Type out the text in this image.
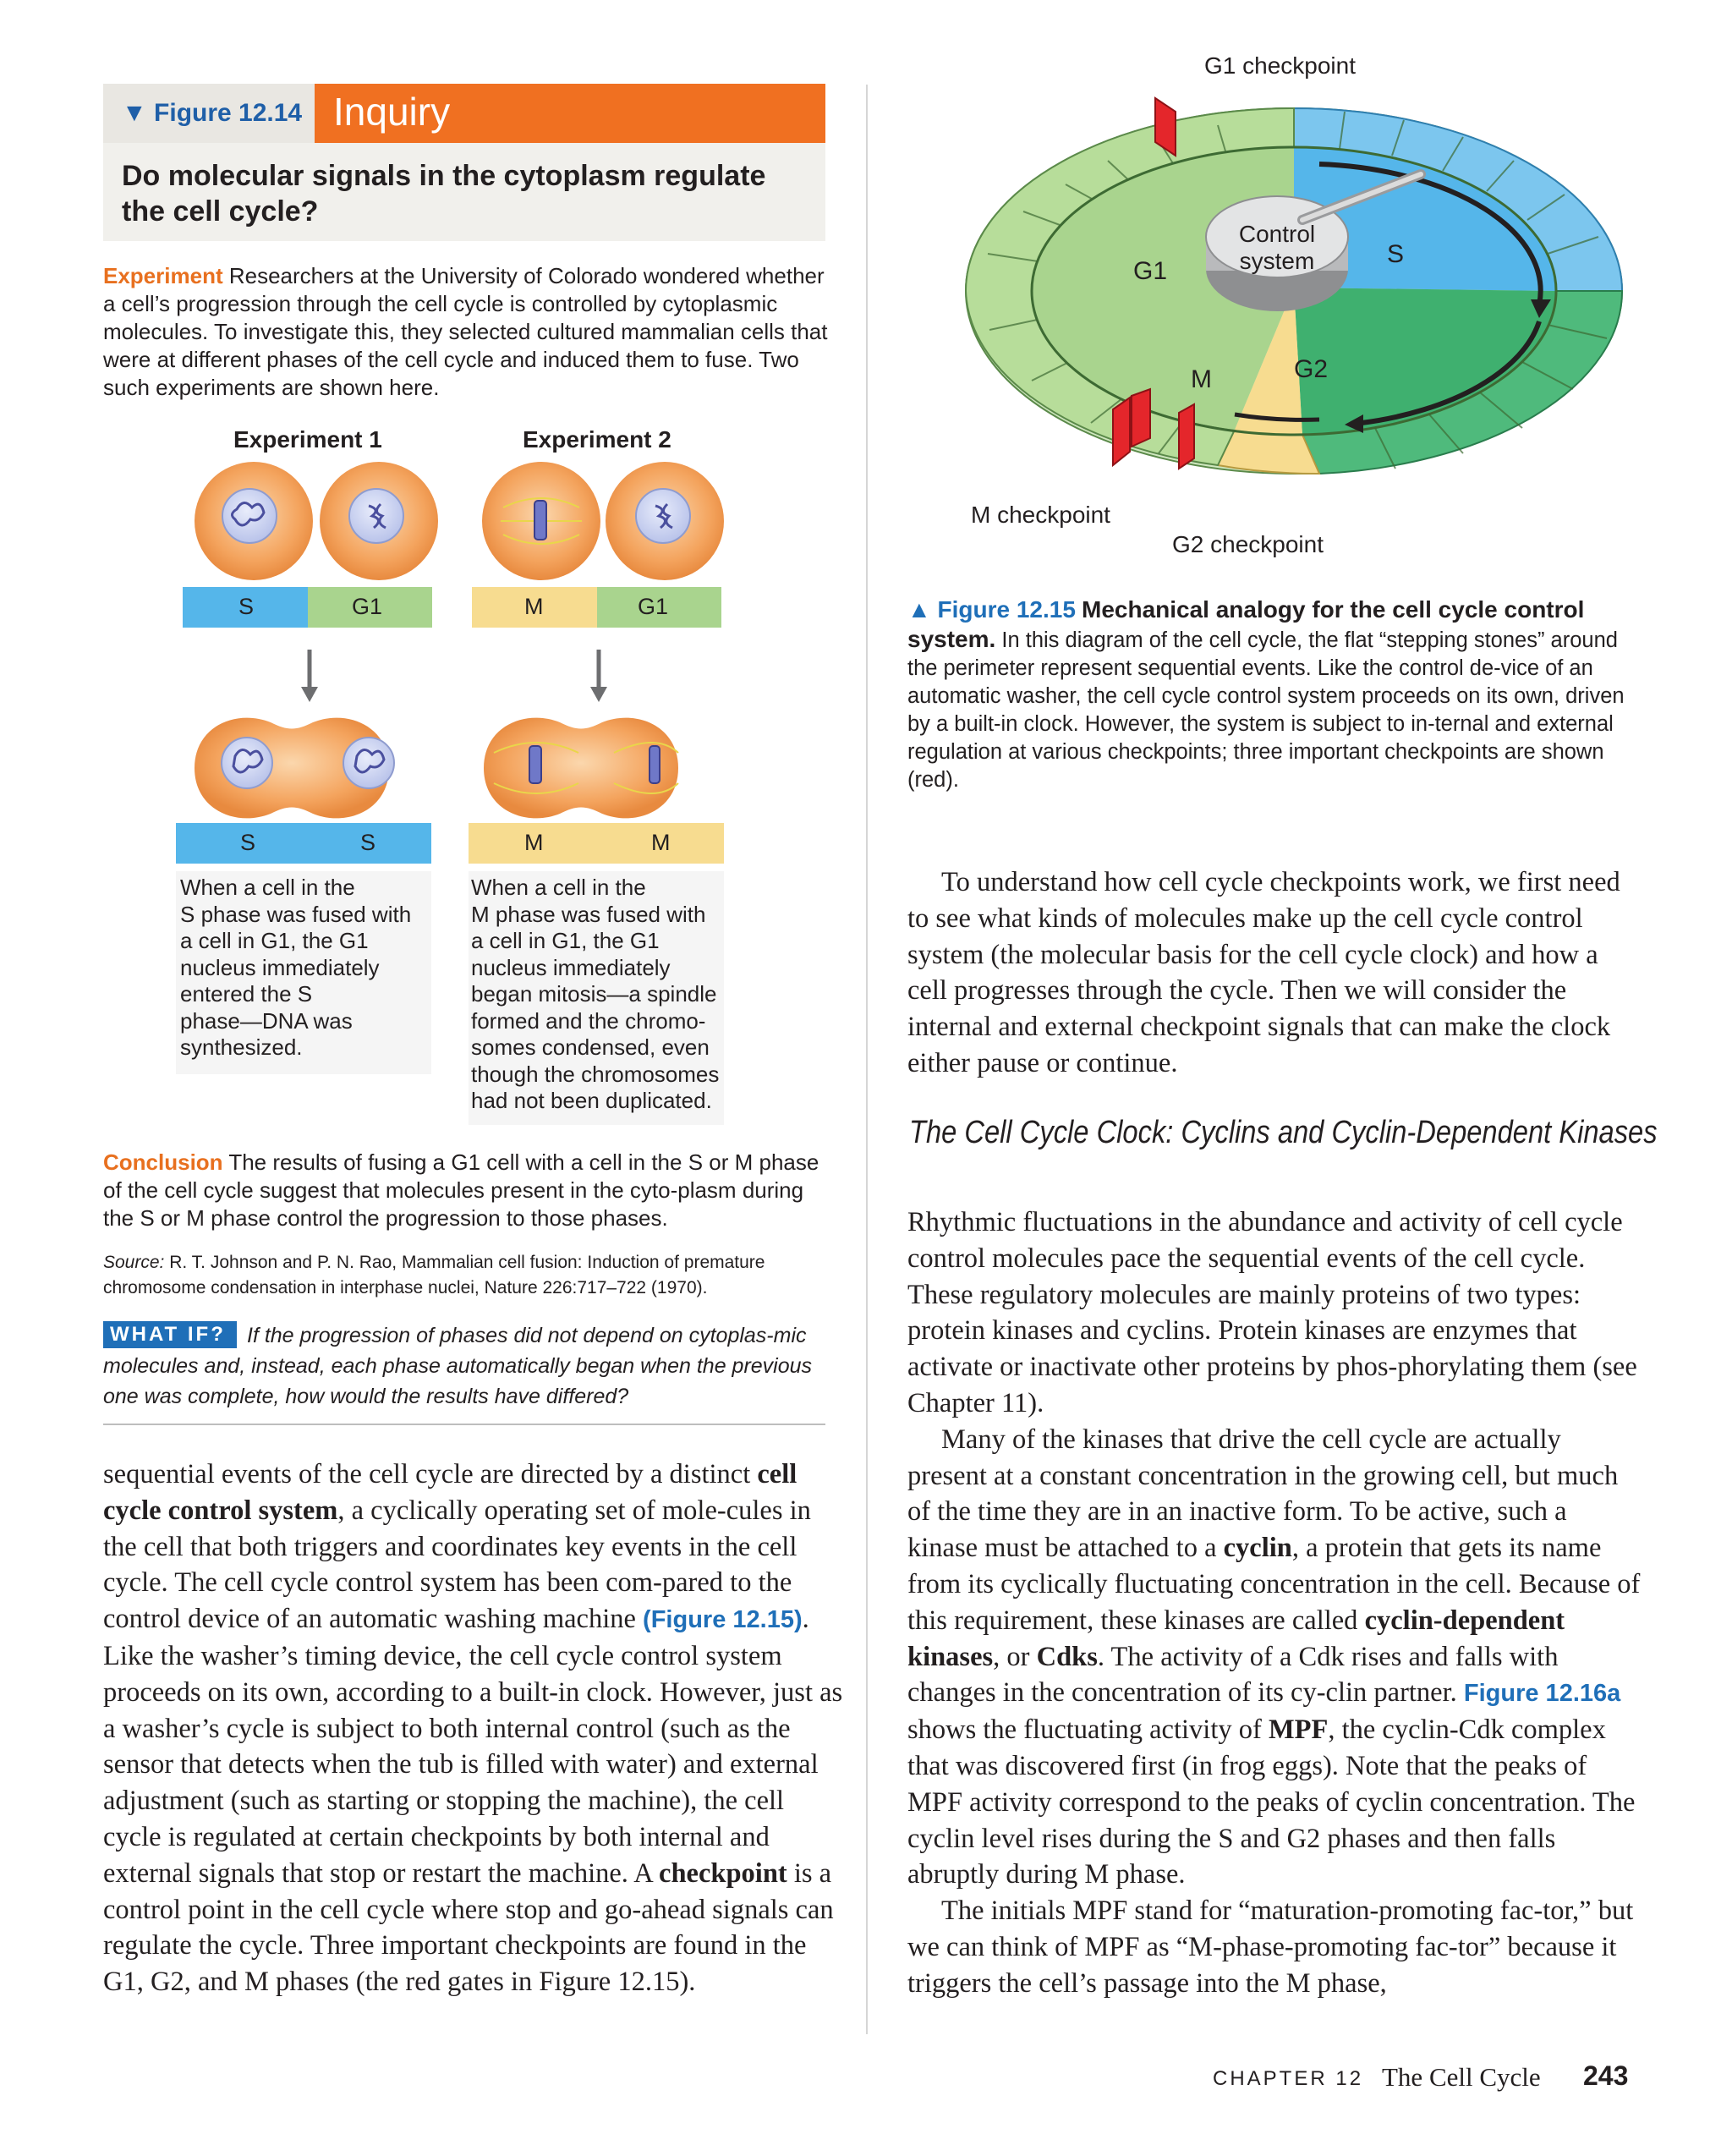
▼ Figure 12.14 Inquiry
Do molecular signals in the cytoplasm regulate the cell cycle?
Experiment Researchers at the University of Colorado wondered whether a cell’s progression through the cell cycle is controlled by cytoplasmic molecules. To investigate this, they selected cultured mammalian cells that were at different phases of the cell cycle and induced them to fuse. Two such experiments are shown here.
Experiment 1	Experiment 2
S	G1	M	G1
S	S	M	M
When a cell in the
S phase was fused with
a cell in G1, the G1
nucleus immediately
entered the S
phase—DNA was
synthesized.
When a cell in the
M phase was fused with
a cell in G1, the G1
nucleus immediately
began mitosis—a spindle
formed and the chromo-
somes condensed, even
though the chromosomes
had not been duplicated.
Conclusion The results of fusing a G1 cell with a cell in the S or M phase of the cell cycle suggest that molecules present in the cyto-plasm during the S or M phase control the progression to those phases.
Source: R. T. Johnson and P. N. Rao, Mammalian cell fusion: Induction of premature chromosome condensation in interphase nuclei, Nature 226:717–722 (1970).
If the progression of phases did not depend on cytoplas-mic molecules and, instead, each phase automatically began when the previous one was complete, how would the results have differed?
WHAT IF?
sequential events of the cell cycle are directed by a distinct cell cycle control system, a cyclically operating set of mole-cules in the cell that both triggers and coordinates key events in the cell cycle. The cell cycle control system has been com-pared to the control device of an automatic washing machine (Figure 12.15). Like the washer’s timing device, the cell cycle control system proceeds on its own, according to a built-in clock. However, just as a washer’s cycle is subject to both internal control (such as the sensor that detects when the tub is filled with water) and external adjustment (such as starting or stopping the machine), the cell cycle is regulated at certain checkpoints by both internal and external signals that stop or restart the machine. A checkpoint is a control point in the cell cycle where stop and go-ahead signals can regulate the cycle. Three important checkpoints are found in the G1, G2, and M phases (the red gates in Figure 12.15).
G1 checkpoint
Control
system
G1
S
G2
M
M checkpoint
G2 checkpoint
▲ Figure 12.15 Mechanical analogy for the cell cycle control system. In this diagram of the cell cycle, the flat “stepping stones” around the perimeter represent sequential events. Like the control de-vice of an automatic washer, the cell cycle control system proceeds on its own, driven by a built-in clock. However, the system is subject to in-ternal and external regulation at various checkpoints; three important checkpoints are shown (red).
To understand how cell cycle checkpoints work, we first need to see what kinds of molecules make up the cell cycle control system (the molecular basis for the cell cycle clock) and how a cell progresses through the cycle. Then we will consider the internal and external checkpoint signals that can make the clock either pause or continue.
The Cell Cycle Clock: Cyclins and Cyclin-Dependent Kinases
Rhythmic fluctuations in the abundance and activity of cell cycle control molecules pace the sequential events of the cell cycle. These regulatory molecules are mainly proteins of two types: protein kinases and cyclins. Protein kinases are enzymes that activate or inactivate other proteins by phos-phorylating them (see Chapter 11).
Many of the kinases that drive the cell cycle are actually present at a constant concentration in the growing cell, but much of the time they are in an inactive form. To be active, such a kinase must be attached to a cyclin, a protein that gets its name from its cyclically fluctuating concentration in the cell. Because of this requirement, these kinases are called cyclin-dependent kinases, or Cdks. The activity of a Cdk rises and falls with changes in the concentration of its cy-clin partner. Figure 12.16a shows the fluctuating activity of MPF, the cyclin-Cdk complex that was discovered first (in frog eggs). Note that the peaks of MPF activity correspond to the peaks of cyclin concentration. The cyclin level rises during the S and G2 phases and then falls abruptly during M phase.
The initials MPF stand for “maturation-promoting fac-tor,” but we can think of MPF as “M-phase-promoting fac-tor” because it triggers the cell’s passage into the M phase,
CHAPTER 12 The Cell Cycle 243
